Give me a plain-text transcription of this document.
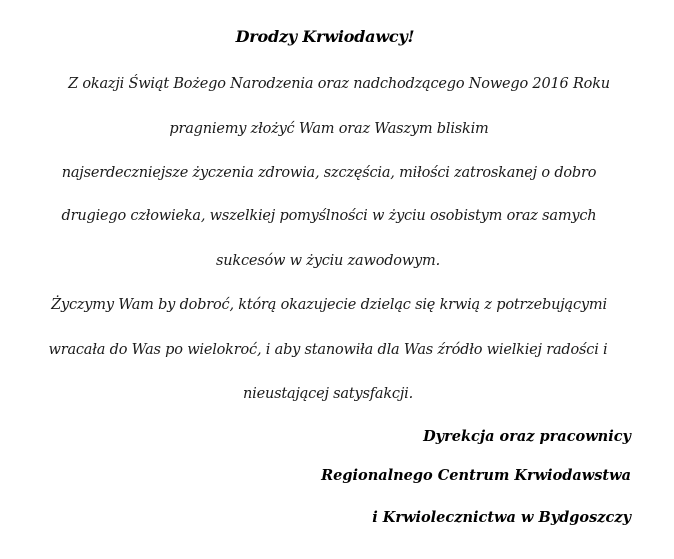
Drodzy Krwiodawcy!
Z okazji Świąt Bożego Narodzenia oraz nadchodzącego Nowego 2016 Roku
pragniemy złożyć Wam oraz Waszym bliskim
najserdeczniejsze życzenia zdrowia, szczęścia, miłości zatroskanej o dobro
drugiego człowieka, wszelkiej pomyślności w życiu osobistym oraz samych
sukcesów w życiu zawodowym.
Życzymy Wam by dobroć, którą okazujecie dzieląc się krwią z potrzebującymi
wracała do Was po wielokroć, i aby stanowiła dla Was źródło wielkiej radości i
nieustającej satysfakcji.
Dyrekcja oraz pracownicy
Regionalnego Centrum Krwiodawstwa
i Krwiolecznictwa w Bydgoszczy
